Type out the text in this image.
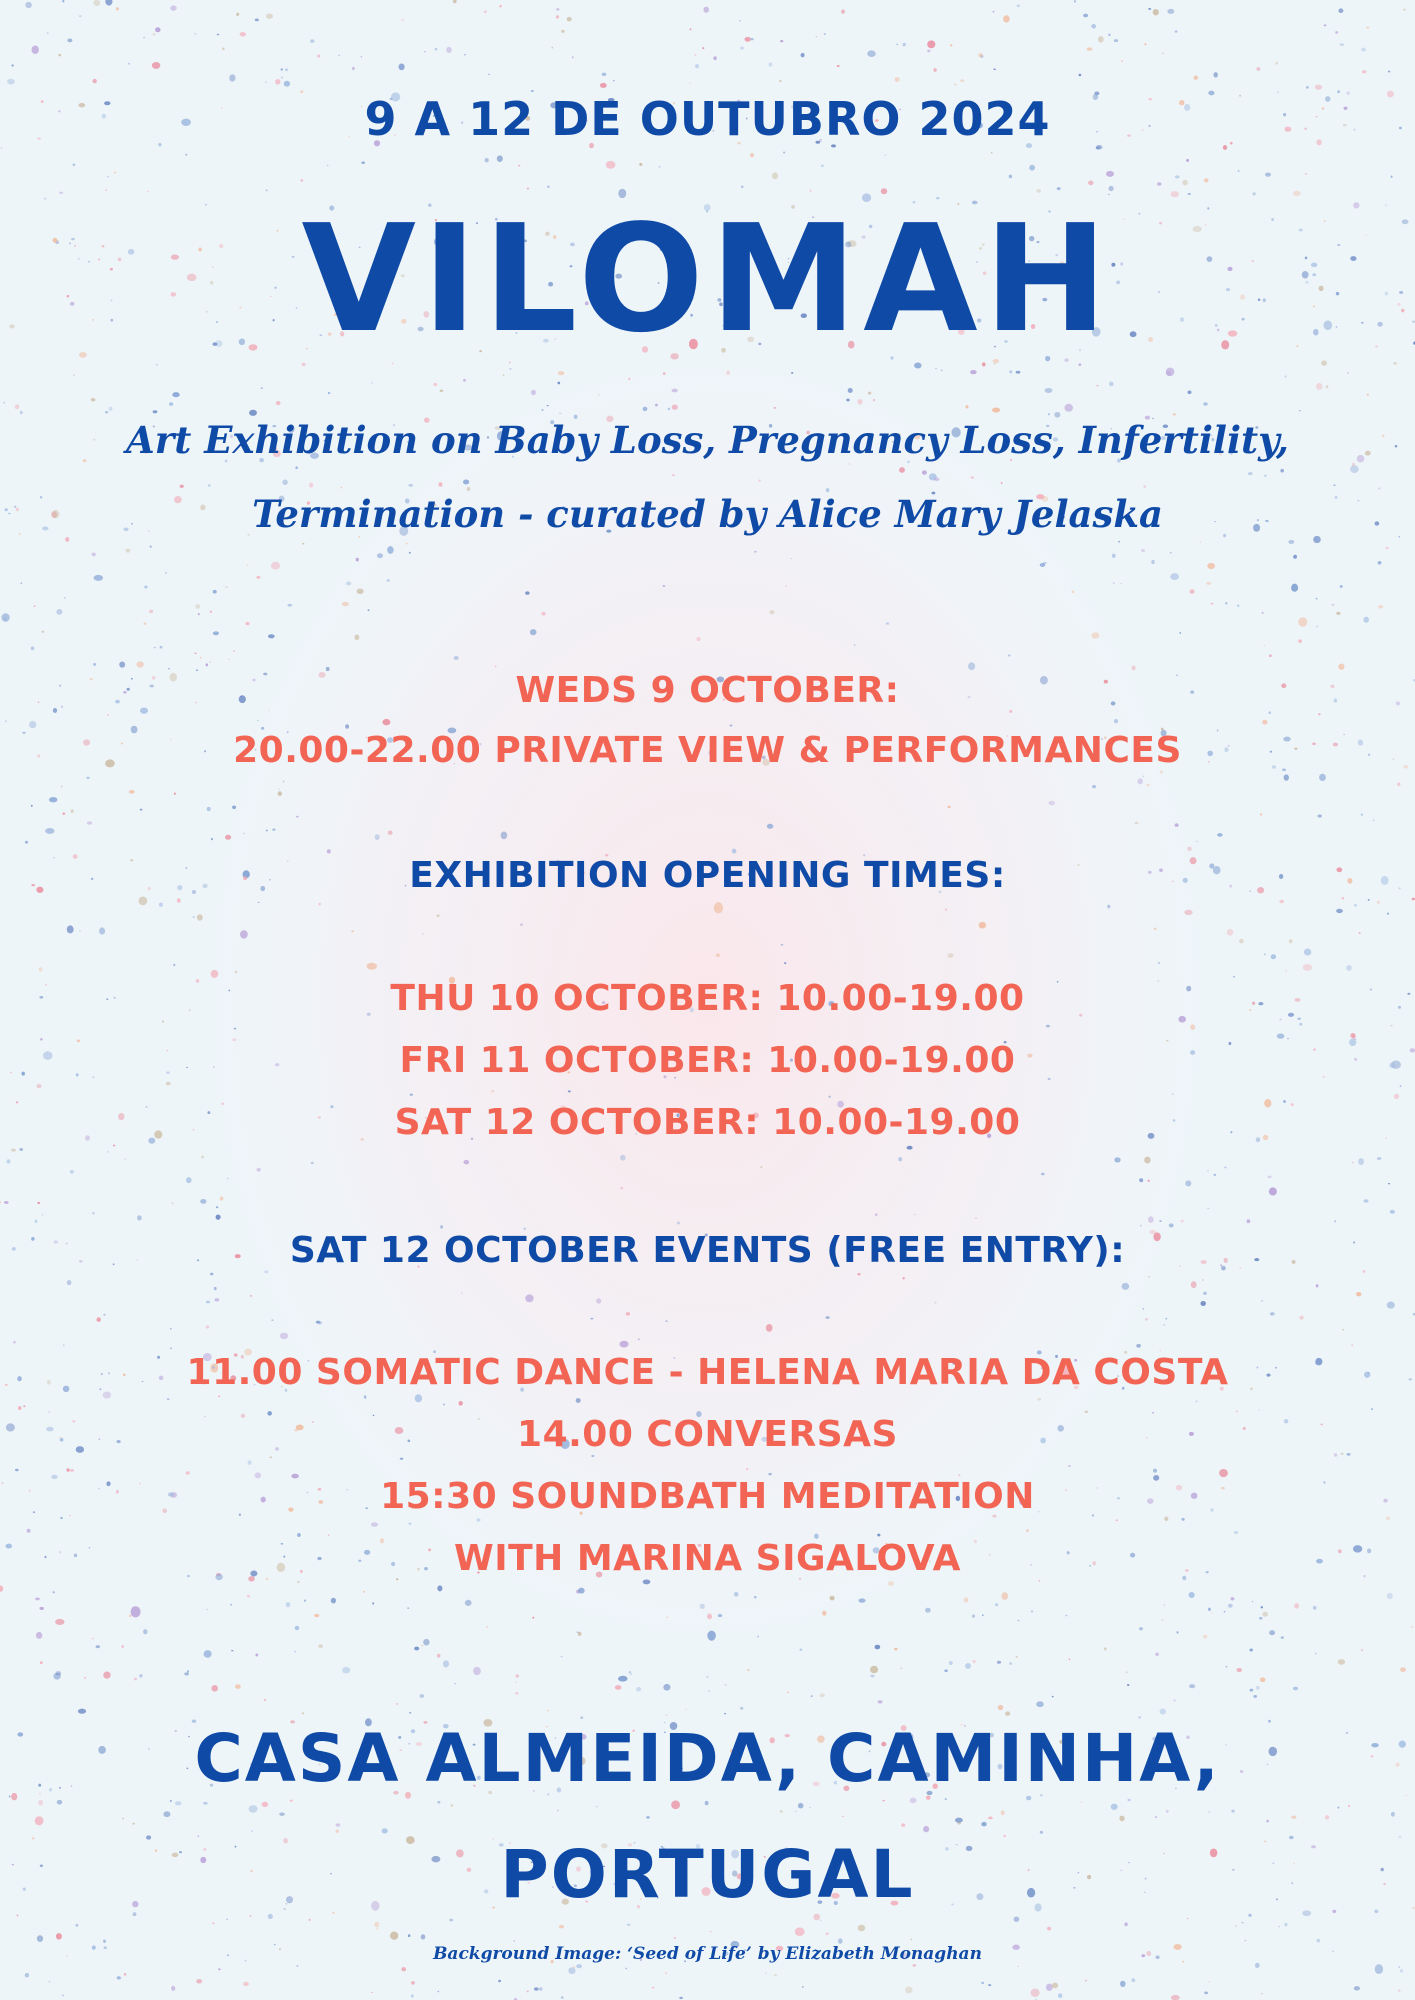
9 A 12 DE OUTUBRO 2024
VILOMAH
Art Exhibition on Baby Loss, Pregnancy Loss, Infertility,
Termination - curated by Alice Mary Jelaska
WEDS 9 OCTOBER:
20.00-22.00 PRIVATE VIEW & PERFORMANCES
EXHIBITION OPENING TIMES:
THU 10 OCTOBER: 10.00-19.00
FRI 11 OCTOBER: 10.00-19.00
SAT 12 OCTOBER: 10.00-19.00
SAT 12 OCTOBER EVENTS (FREE ENTRY):
11.00 SOMATIC DANCE - HELENA MARIA DA COSTA
14.00 CONVERSAS
15:30 SOUNDBATH MEDITATION
WITH MARINA SIGALOVA
CASA ALMEIDA, CAMINHA,
PORTUGAL
Background Image: ‘Seed of Life’ by Elizabeth Monaghan
